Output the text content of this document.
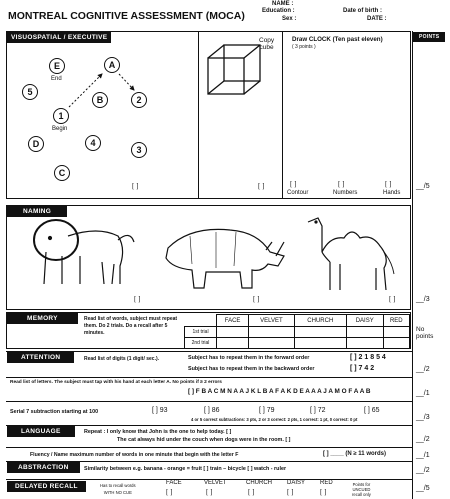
MONTREAL COGNITIVE ASSESSMENT (MOCA)
NAME :
Education :
Sex :
Date of birth :
DATE :
VISUOSPATIAL / EXECUTIVE
E
End
A
5
1
Begin
B	2
D	4
3
C
[ ]
Copy
cube
[ ]
Draw CLOCK (Ten past eleven)
( 3 points )
[ ]	[ ]	[ ]
Contour	Numbers	Hands
POINTS
__/5
NAMING
[ ]	[ ]	[ ]	__/3
MEMORY	Read list of words, subject must repeat them. Do 2 trials. Do a recall after 5 minutes.
	FACE	VELVET	CHURCH	DAISY	RED
1st trial					
2nd trial					
No
points
ATTENTION	Read list of digits (1 digit/ sec.).	Subject has to repeat them in the forward order	[ ] 2 1 8 5 4
Subject has to repeat them in the backward order	[ ] 7 4 2	__/2
Read list of letters. The subject must tap with his hand at each letter A. No points if ≥ 2 errors
[ ] F B A C M N A A J K L B A F A K D E A A A J A M O F A A B	__/1
Serial 7 subtraction starting at 100	[ ] 93	[ ] 86	[ ] 79	[ ] 72	[ ] 65
4 or 5 correct subtractions: 3 pts, 2 or 3 correct: 2 pts, 1 correct: 1 pt, 0 correct: 0 pt	__/3
LANGUAGE	Repeat : I only know that John is the one to help today. [ ]
The cat always hid under the couch when dogs were in the room. [ ]	__/2
Fluency / Name maximum number of words in one minute that begin with the letter F	[ ] ____ (N ≥ 11 words)	__/1
ABSTRACTION	Similarity between e.g. banana - orange = fruit [ ] train – bicycle [ ] watch - ruler	__/2
DELAYED RECALL	Has to recall words
WITH NO CUE
FACE	VELVET	CHURCH	DAISY RED
[ ]	[ ]	[ ]	[ ]	[ ]
Points for
UNCUED
recall only
__/5
